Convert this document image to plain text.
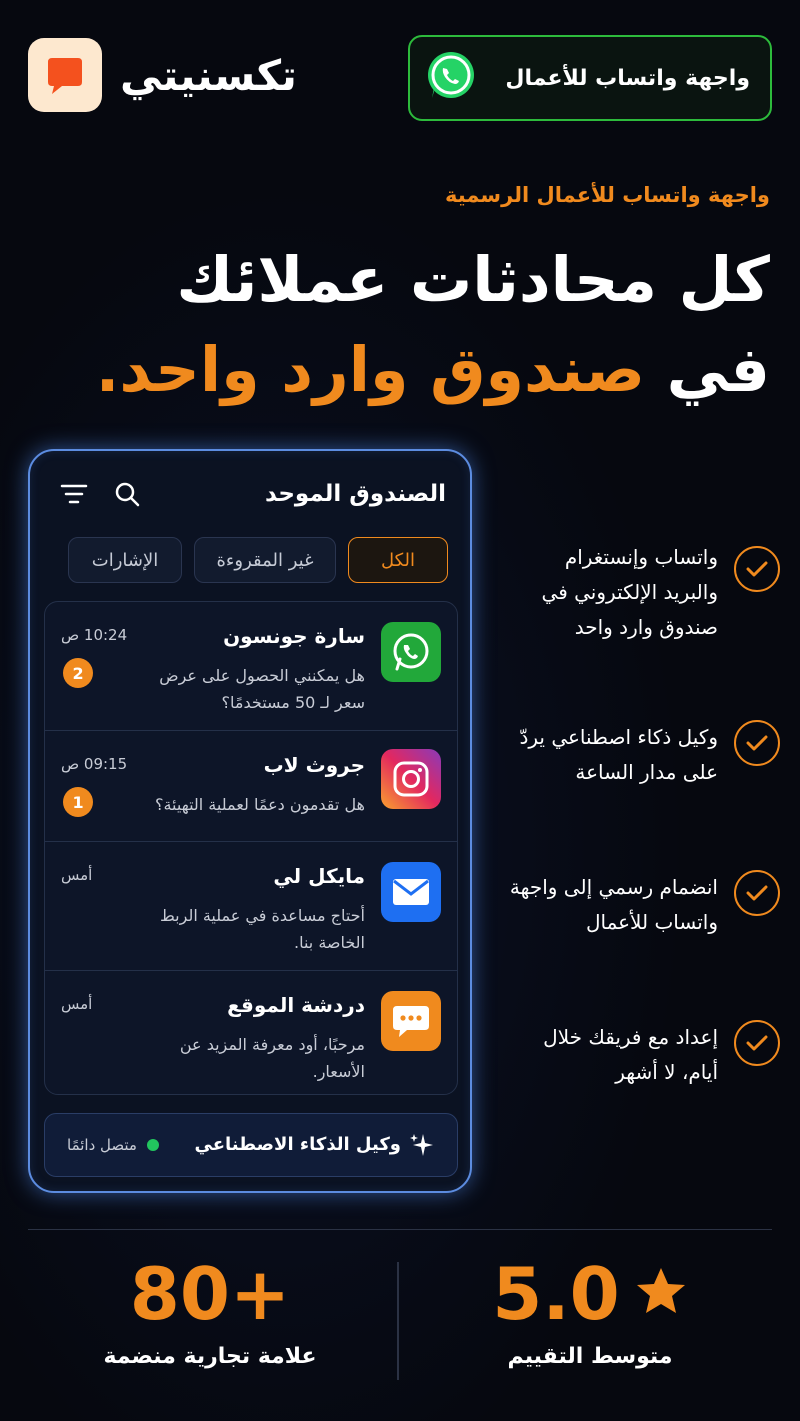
تكسنيتي	واجهة واتساب للأعمال
واجهة واتساب للأعمال الرسمية
كل محادثات عملائك
في صندوق وارد واحد.
الصندوق الموحد
الكل
غير المقروءة
الإشارات
سارة جونسون
هل يمكنني الحصول على عرض سعر لـ 50 مستخدمًا؟
10:24 ص
2
جروث لاب
هل تقدمون دعمًا لعملية التهيئة؟
09:15 ص
1
مايكل لي
أحتاج مساعدة في عملية الربط الخاصة بنا.
أمس
دردشة الموقع
مرحبًا، أود معرفة المزيد عن الأسعار.
أمس
وكيل الذكاء الاصطناعي
متصل دائمًا
واتساب وإنستغرام والبريد الإلكتروني في صندوق وارد واحد
وكيل ذكاء اصطناعي يردّ على مدار الساعة
انضمام رسمي إلى واجهة واتساب للأعمال
إعداد مع فريقك خلال أيام، لا أشهر
5.0
متوسط التقييم
80+
علامة تجارية منضمة
